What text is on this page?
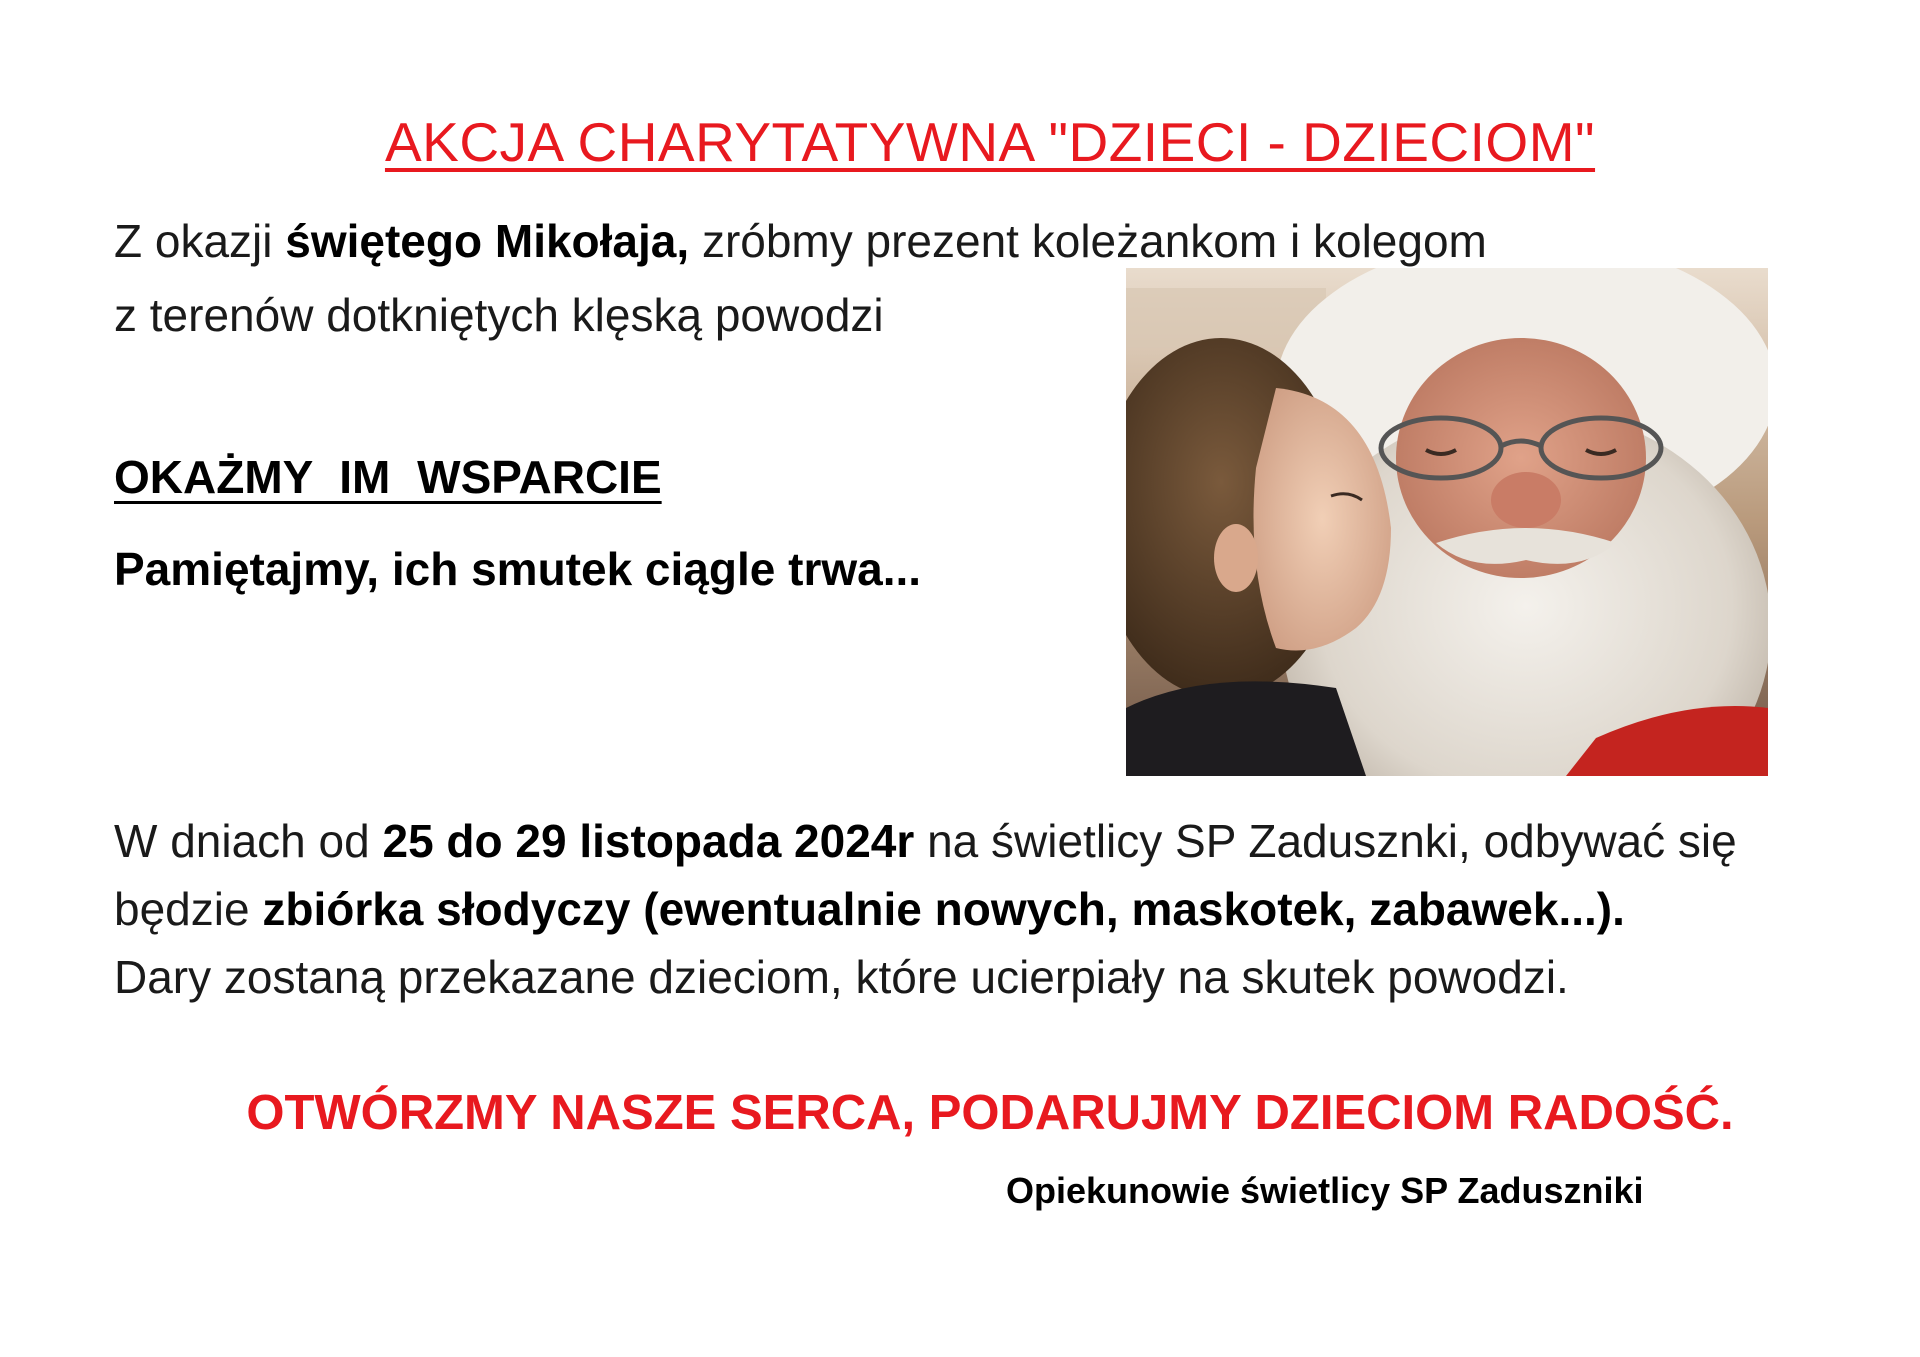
AKCJA CHARYTATYWNA "DZIECI - DZIECIOM"
Z okazji świętego Mikołaja, zróbmy prezent koleżankom i kolegom
z terenów dotkniętych klęską powodzi
OKAŻMY IM WSPARCIE
Pamiętajmy, ich smutek ciągle trwa...
W dniach od 25 do 29 listopada 2024r na świetlicy SP Zadusznki, odbywać się
będzie zbiórka słodyczy (ewentualnie nowych, maskotek, zabawek...).
Dary zostaną przekazane dzieciom, które ucierpiały na skutek powodzi.
OTWÓRZMY NASZE SERCA, PODARUJMY DZIECIOM RADOŚĆ.
Opiekunowie świetlicy SP Zaduszniki
